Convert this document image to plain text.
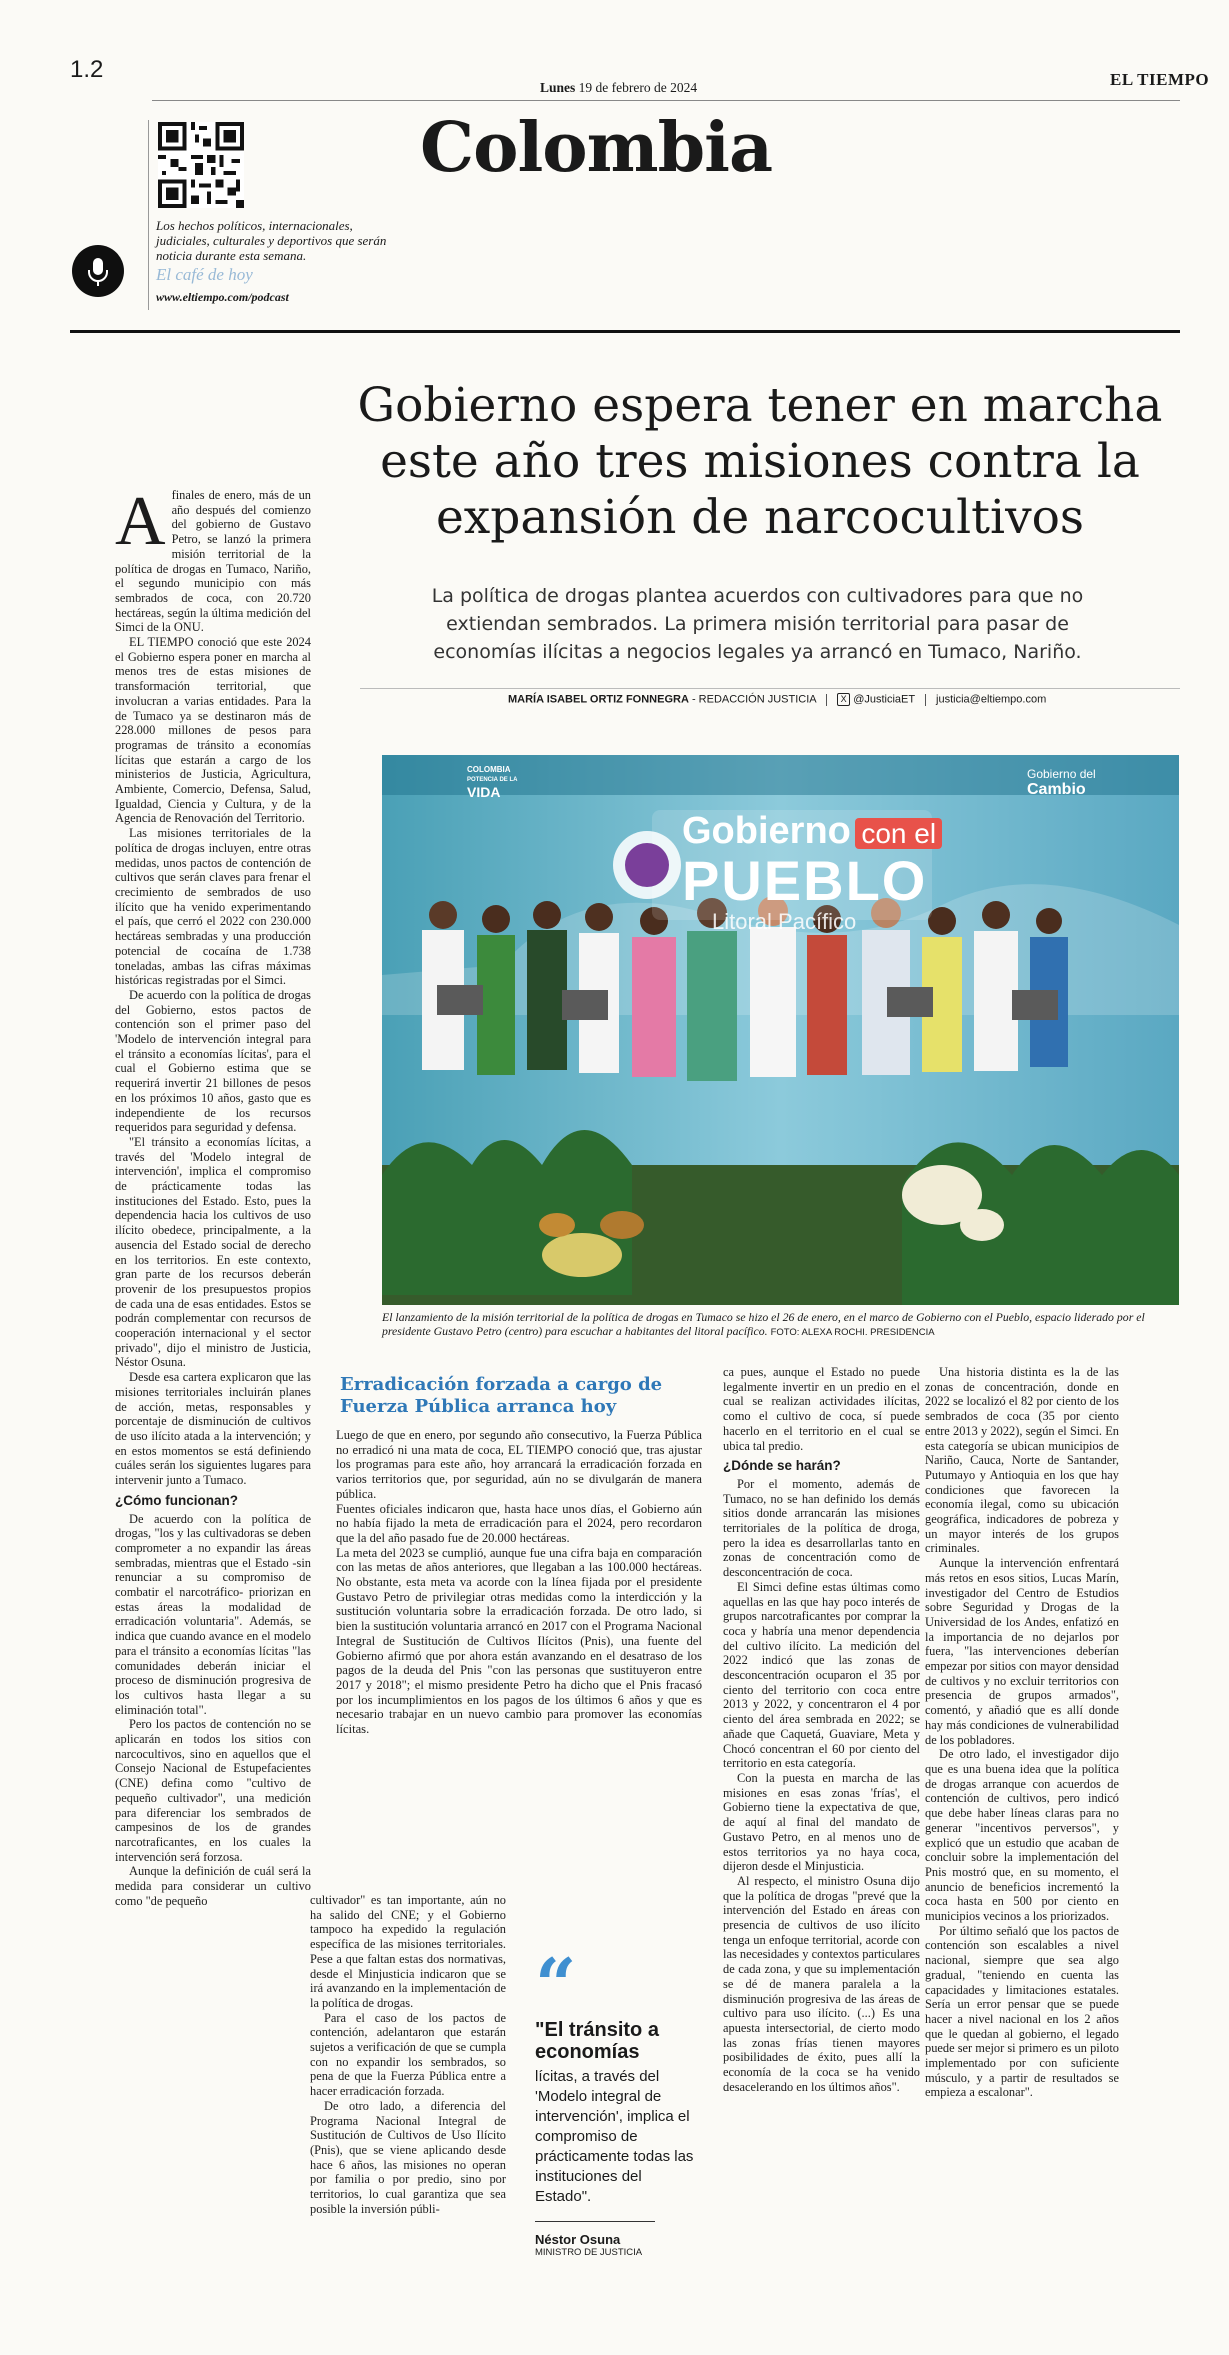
1.2
Lunes 19 de febrero de 2024	EL TIEMPO
Los hechos políticos, internacionales, judiciales, culturales y deportivos que serán noticia durante esta semana.
El café de hoy
www.eltiempo.com/podcast
Colombia
Gobierno espera tener en marcha este año tres misiones contra la expansión de narcocultivos
La política de drogas plantea acuerdos con cultivadores para que no extiendan sembrados. La primera misión territorial para pasar de economías ilícitas a negocios legales ya arrancó en Tumaco, Nariño.
MARÍA ISABEL ORTIZ FONNEGRA - REDACCIÓN JUSTICIA	X @JusticiaET justicia@eltiempo.com

Afinales de enero, más de un año después del comienzo del gobierno de Gustavo Petro, se lanzó la primera misión territorial de la política de drogas en Tumaco, Nariño, el segundo municipio con más sembrados de coca, con 20.720 hectáreas, según la última medición del Simci de la ONU.

EL TIEMPO conoció que este 2024 el Gobierno espera poner en marcha al menos tres de estas misiones de transformación territorial, que involucran a varias entidades. Para la de Tumaco ya se destinaron más de 228.000 millones de pesos para programas de tránsito a economías lícitas que estarán a cargo de los ministerios de Justicia, Agricultura, Ambiente, Comercio, Defensa, Salud, Igualdad, Ciencia y Cultura, y de la Agencia de Renovación del Territorio.

Las misiones territoriales de la política de drogas incluyen, entre otras medidas, unos pactos de contención de cultivos que serán claves para frenar el crecimiento de sembrados de uso ilícito que ha venido experimentando el país, que cerró el 2022 con 230.000 hectáreas sembradas y una producción potencial de cocaína de 1.738 toneladas, ambas las cifras máximas históricas registradas por el Simci.

De acuerdo con la política de drogas del Gobierno, estos pactos de contención son el primer paso del 'Modelo de intervención integral para el tránsito a economías lícitas', para el cual el Gobierno estima que se requerirá invertir 21 billones de pesos en los próximos 10 años, gasto que es independiente de los recursos requeridos para seguridad y defensa.

"El tránsito a economías lícitas, a través del 'Modelo integral de intervención', implica el compromiso de prácticamente todas las instituciones del Estado. Esto, pues la dependencia hacia los cultivos de uso ilícito obedece, principalmente, a la ausencia del Estado social de derecho en los territorios. En este contexto, gran parte de los recursos deberán provenir de los presupuestos propios de cada una de esas entidades. Estos se podrán complementar con recursos de cooperación internacional y el sector privado", dijo el ministro de Justicia, Néstor Osuna.

Desde esa cartera explicaron que las misiones territoriales incluirán planes de acción, metas, responsables y porcentaje de disminución de cultivos de uso ilícito atada a la intervención; y en estos momentos se está definiendo cuáles serán los siguientes lugares para intervenir junto a Tumaco.

¿Cómo funcionan?

De acuerdo con la política de drogas, "los y las cultivadoras se deben comprometer a no expandir las áreas sembradas, mientras que el Estado -sin renunciar a su compromiso de combatir el narcotráfico- priorizan en estas áreas la modalidad de erradicación voluntaria". Además, se indica que cuando avance en el modelo para el tránsito a economías lícitas "las comunidades deberán iniciar el proceso de disminución progresiva de los cultivos hasta llegar a su eliminación total".

Pero los pactos de contención no se aplicarán en todos los sitios con narcocultivos, sino en aquellos que el Consejo Nacional de Estupefacientes (CNE) defina como "cultivo de pequeño cultivador", una medición para diferenciar los sembrados de campesinos de los de grandes narcotraficantes, en los cuales la intervención será forzosa.

Aunque la definición de cuál será la medida para considerar un cultivo como "de pequeño

Gobierno con el
PUEBLO
Litoral Pacífico
COLOMBIA
POTENCIA DE LA
VIDA
Gobierno del
Cambio
El lanzamiento de la misión territorial de la política de drogas en Tumaco se hizo el 26 de enero, en el marco de Gobierno con el Pueblo, espacio liderado por el presidente Gustavo Petro (centro) para escuchar a habitantes del litoral pacífico. FOTO: ALEXA ROCHI. PRESIDENCIA
Erradicación forzada a cargo de Fuerza Pública arranca hoy

Luego de que en enero, por segundo año consecutivo, la Fuerza Pública no erradicó ni una mata de coca, EL TIEMPO conoció que, tras ajustar los programas para este año, hoy arrancará la erradicación forzada en varios territorios que, por seguridad, aún no se divulgarán de manera pública.

Fuentes oficiales indicaron que, hasta hace unos días, el Gobierno aún no había fijado la meta de erradicación para el 2024, pero recordaron que la del año pasado fue de 20.000 hectáreas.

La meta del 2023 se cumplió, aunque fue una cifra baja en comparación con las metas de años anteriores, que llegaban a las 100.000 hectáreas. No obstante, esta meta va acorde con la línea fijada por el presidente Gustavo Petro de privilegiar otras medidas como la interdicción y la sustitución voluntaria sobre la erradicación forzada. De otro lado, si bien la sustitución voluntaria arrancó en 2017 con el Programa Nacional Integral de Sustitución de Cultivos Ilícitos (Pnis), una fuente del Gobierno afirmó que por ahora están avanzando en el desatraso de los pagos de la deuda del Pnis "con las personas que sustituyeron entre 2017 y 2018"; el mismo presidente Petro ha dicho que el Pnis fracasó por los incumplimientos en los pagos de los últimos 6 años y que es necesario trabajar en un nuevo cambio para promover las economías lícitas.

cultivador" es tan importante, aún no ha salido del CNE; y el Gobierno tampoco ha expedido la regulación específica de las misiones territoriales. Pese a que faltan estas dos normativas, desde el Minjusticia indicaron que se irá avanzando en la implementación de la política de drogas.

Para el caso de los pactos de contención, adelantaron que estarán sujetos a verificación de que se cumpla con no expandir los sembrados, so pena de que la Fuerza Pública entre a hacer erradicación forzada.

De otro lado, a diferencia del Programa Nacional Integral de Sustitución de Cultivos de Uso Ilícito (Pnis), que se viene aplicando desde hace 6 años, las misiones no operan por familia o por predio, sino por territorios, lo cual garantiza que sea posible la inversión públi-

“
"El tránsito a economías
lícitas, a través del 'Modelo integral de intervención', implica el compromiso de prácticamente todas las instituciones del Estado".
Néstor Osuna
MINISTRO DE JUSTICIA

ca pues, aunque el Estado no puede legalmente invertir en un predio en el cual se realizan actividades ilícitas, como el cultivo de coca, sí puede hacerlo en el territorio en el cual se ubica tal predio.

¿Dónde se harán?

Por el momento, además de Tumaco, no se han definido los demás sitios donde arrancarán las misiones territoriales de la política de droga, pero la idea es desarrollarlas tanto en zonas de concentración como de desconcentración de coca.

El Simci define estas últimas como aquellas en las que hay poco interés de grupos narcotraficantes por comprar la coca y habría una menor dependencia del cultivo ilícito. La medición del 2022 indicó que las zonas de desconcentración ocuparon el 35 por ciento del territorio con coca entre 2013 y 2022, y concentraron el 4 por ciento del área sembrada en 2022; se añade que Caquetá, Guaviare, Meta y Chocó concentran el 60 por ciento del territorio en esta categoría.

Con la puesta en marcha de las misiones en esas zonas 'frías', el Gobierno tiene la expectativa de que, de aquí al final del mandato de Gustavo Petro, en al menos uno de estos territorios ya no haya coca, dijeron desde el Minjusticia.

Al respecto, el ministro Osuna dijo que la política de drogas "prevé que la intervención del Estado en áreas con presencia de cultivos de uso ilícito tenga un enfoque territorial, acorde con las necesidades y contextos particulares de cada zona, y que su implementación se dé de manera paralela a la disminución progresiva de las áreas de cultivo para uso ilícito. (...) Es una apuesta intersectorial, de cierto modo las zonas frías tienen mayores posibilidades de éxito, pues allí la economía de la coca se ha venido desacelerando en los últimos años".

Una historia distinta es la de las zonas de concentración, donde en 2022 se localizó el 82 por ciento de los sembrados de coca (35 por ciento entre 2013 y 2022), según el Simci. En esta categoría se ubican municipios de Nariño, Cauca, Norte de Santander, Putumayo y Antioquia en los que hay condiciones que favorecen la economía ilegal, como su ubicación geográfica, indicadores de pobreza y un mayor interés de los grupos criminales.

Aunque la intervención enfrentará más retos en esos sitios, Lucas Marín, investigador del Centro de Estudios sobre Seguridad y Drogas de la Universidad de los Andes, enfatizó en la importancia de no dejarlos por fuera, "las intervenciones deberían empezar por sitios con mayor densidad de cultivos y no excluir territorios con presencia de grupos armados", comentó, y añadió que es allí donde hay más condiciones de vulnerabilidad de los pobladores.

De otro lado, el investigador dijo que es una buena idea que la política de drogas arranque con acuerdos de contención de cultivos, pero indicó que debe haber líneas claras para no generar "incentivos perversos", y explicó que un estudio que acaban de concluir sobre la implementación del Pnis mostró que, en su momento, el anuncio de beneficios incrementó la coca hasta en 500 por ciento en municipios vecinos a los priorizados.

Por último señaló que los pactos de contención son escalables a nivel nacional, siempre que sea algo gradual, "teniendo en cuenta las capacidades y limitaciones estatales. Sería un error pensar que se puede hacer a nivel nacional en los 2 años que le quedan al gobierno, el legado puede ser mejor si primero es un piloto implementado por con suficiente músculo, y a partir de resultados se empieza a escalonar".
